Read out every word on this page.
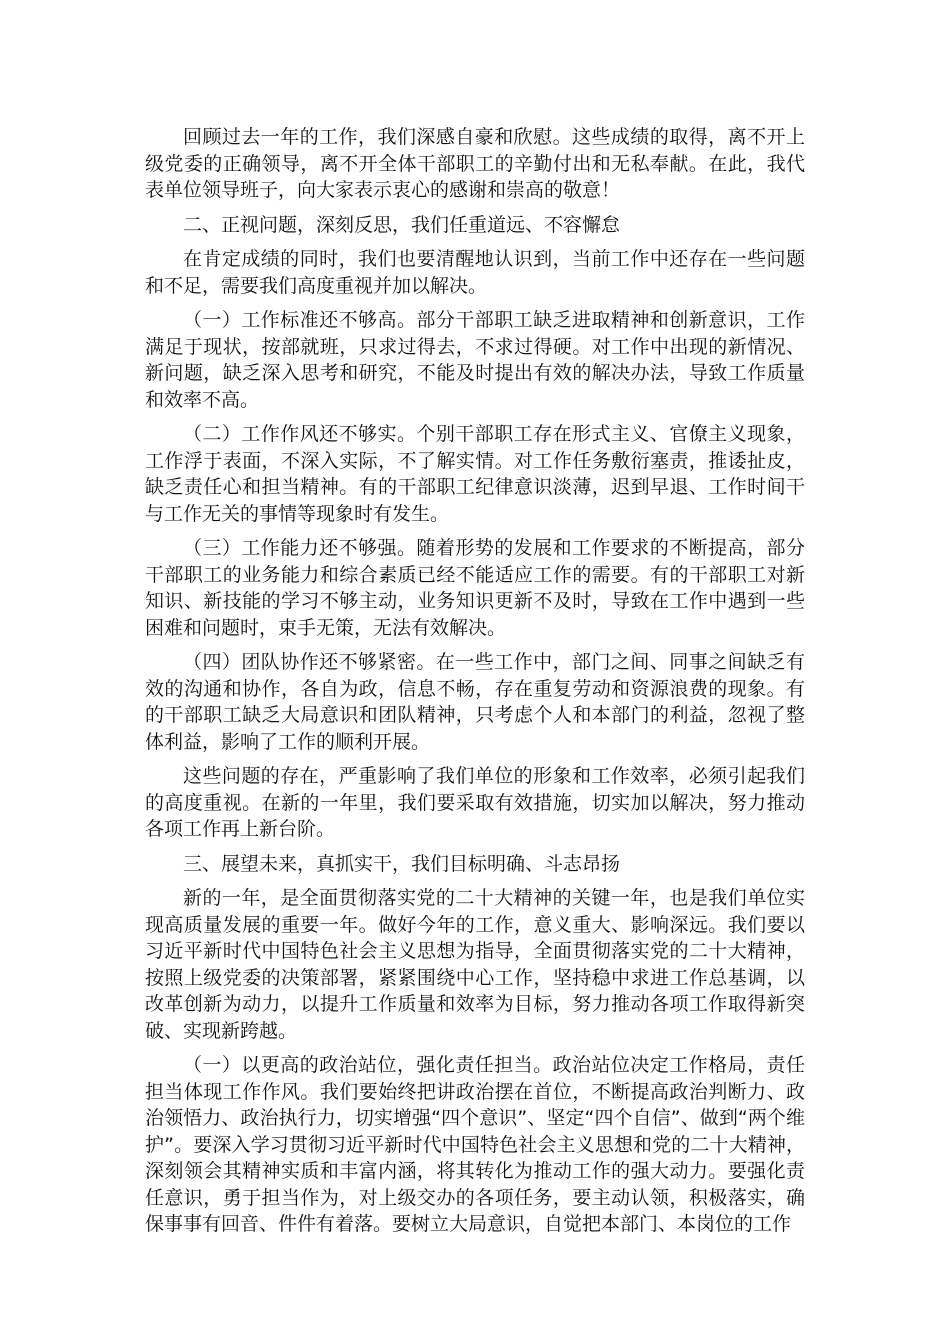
回顾过去一年的工作，我们深感自豪和欣慰。这些成绩的取得，离不开上级党委的正确领导，离不开全体干部职工的辛勤付出和无私奉献。在此，我代表单位领导班子，向大家表示衷心的感谢和崇高的敬意！

二、正视问题，深刻反思，我们任重道远、不容懈怠

在肯定成绩的同时，我们也要清醒地认识到，当前工作中还存在一些问题和不足，需要我们高度重视并加以解决。

（一）工作标准还不够高。部分干部职工缺乏进取精神和创新意识，工作满足于现状，按部就班，只求过得去，不求过得硬。对工作中出现的新情况、新问题，缺乏深入思考和研究，不能及时提出有效的解决办法，导致工作质量和效率不高。

（二）工作作风还不够实。个别干部职工存在形式主义、官僚主义现象，工作浮于表面，不深入实际，不了解实情。对工作任务敷衍塞责，推诿扯皮，缺乏责任心和担当精神。有的干部职工纪律意识淡薄，迟到早退、工作时间干与工作无关的事情等现象时有发生。

（三）工作能力还不够强。随着形势的发展和工作要求的不断提高，部分干部职工的业务能力和综合素质已经不能适应工作的需要。有的干部职工对新知识、新技能的学习不够主动，业务知识更新不及时，导致在工作中遇到一些困难和问题时，束手无策，无法有效解决。

（四）团队协作还不够紧密。在一些工作中，部门之间、同事之间缺乏有效的沟通和协作，各自为政，信息不畅，存在重复劳动和资源浪费的现象。有的干部职工缺乏大局意识和团队精神，只考虑个人和本部门的利益，忽视了整体利益，影响了工作的顺利开展。

这些问题的存在，严重影响了我们单位的形象和工作效率，必须引起我们的高度重视。在新的一年里，我们要采取有效措施，切实加以解决，努力推动各项工作再上新台阶。

三、展望未来，真抓实干，我们目标明确、斗志昂扬

新的一年，是全面贯彻落实党的二十大精神的关键一年，也是我们单位实现高质量发展的重要一年。做好今年的工作，意义重大、影响深远。我们要以习近平新时代中国特色社会主义思想为指导，全面贯彻落实党的二十大精神，按照上级党委的决策部署，紧紧围绕中心工作，坚持稳中求进工作总基调，以改革创新为动力，以提升工作质量和效率为目标，努力推动各项工作取得新突破、实现新跨越。

（一）以更高的政治站位，强化责任担当。政治站位决定工作格局，责任担当体现工作作风。我们要始终把讲政治摆在首位，不断提高政治判断力、政治领悟力、政治执行力，切实增强“四个意识”、坚定“四个自信”、做到“两个维护”。要深入学习贯彻习近平新时代中国特色社会主义思想和党的二十大精神，深刻领会其精神实质和丰富内涵，将其转化为推动工作的强大动力。要强化责任意识，勇于担当作为，对上级交办的各项任务，要主动认领，积极落实，确保事事有回音、件件有着落。要树立大局意识，自觉把本部门、本岗位的工作
